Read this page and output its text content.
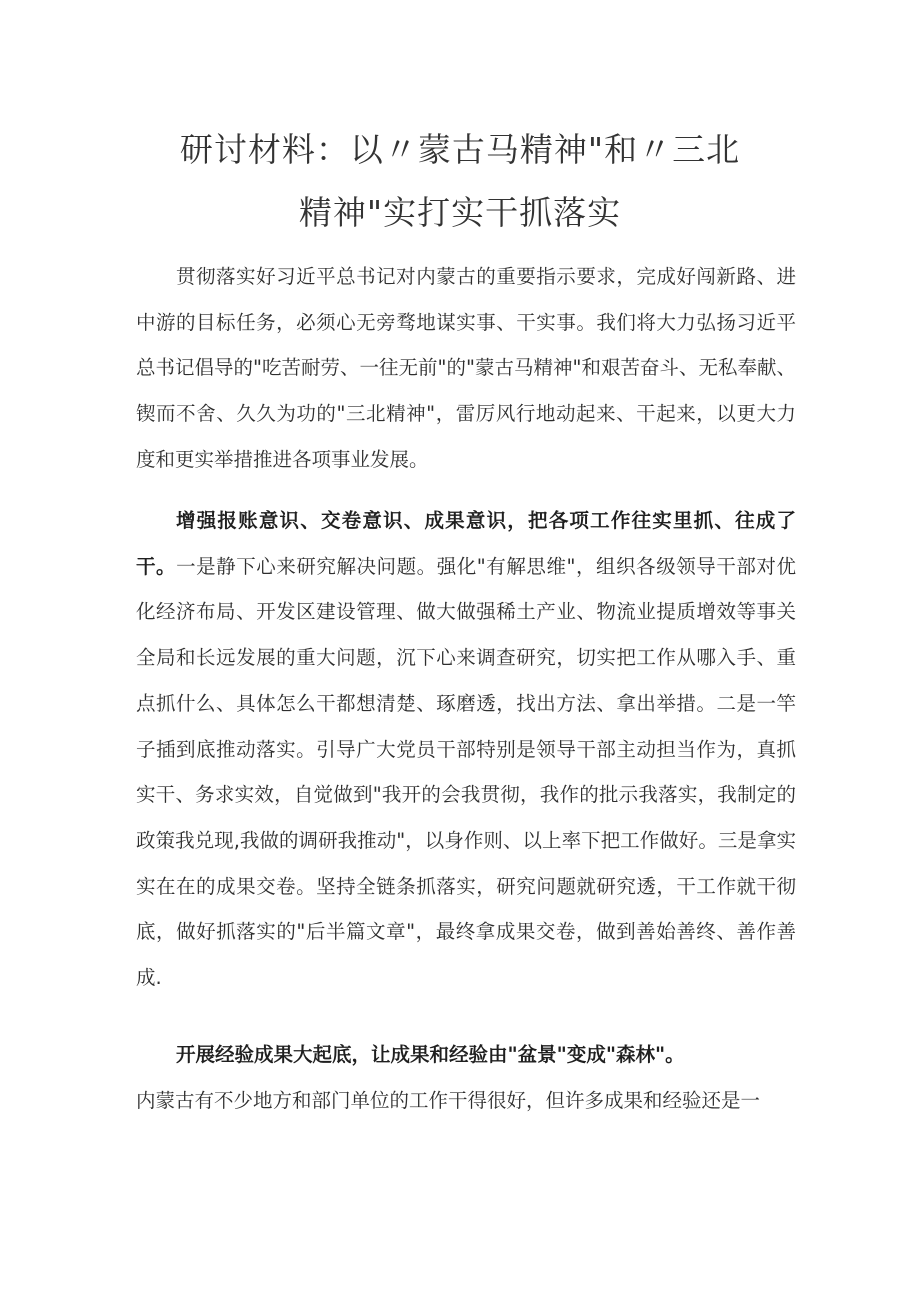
研讨材料：以〃蒙古马精神"和〃三北
精神"实打实干抓落实

贯彻落实好习近平总书记对内蒙古的重要指示要求，完成好闯新路、进中游的目标任务，必须心无旁骛地谋实事、干实事。我们将大力弘扬习近平总书记倡导的"吃苦耐劳、一往无前"的"蒙古马精神"和艰苦奋斗、无私奉献、锲而不舍、久久为功的"三北精神"，雷厉风行地动起来、干起来，以更大力度和更实举措推进各项事业发展。

增强报账意识、交卷意识、成果意识，把各项工作往实里抓、往成了干。一是静下心来研究解决问题。强化"有解思维"，组织各级领导干部对优化经济布局、开发区建设管理、做大做强稀土产业、物流业提质增效等事关全局和长远发展的重大问题，沉下心来调查研究，切实把工作从哪入手、重点抓什么、具体怎么干都想清楚、琢磨透，找出方法、拿出举措。二是一竿子插到底推动落实。引导广大党员干部特别是领导干部主动担当作为，真抓实干、务求实效，自觉做到"我开的会我贯彻，我作的批示我落实，我制定的政策我兑现,我做的调研我推动"，以身作则、以上率下把工作做好。三是拿实实在在的成果交卷。坚持全链条抓落实，研究问题就研究透，干工作就干彻底，做好抓落实的"后半篇文章"，最终拿成果交卷，做到善始善终、善作善成.

开展经验成果大起底，让成果和经验由"盆景"变成"森林"。

内蒙古有不少地方和部门单位的工作干得很好，但许多成果和经验还是一
